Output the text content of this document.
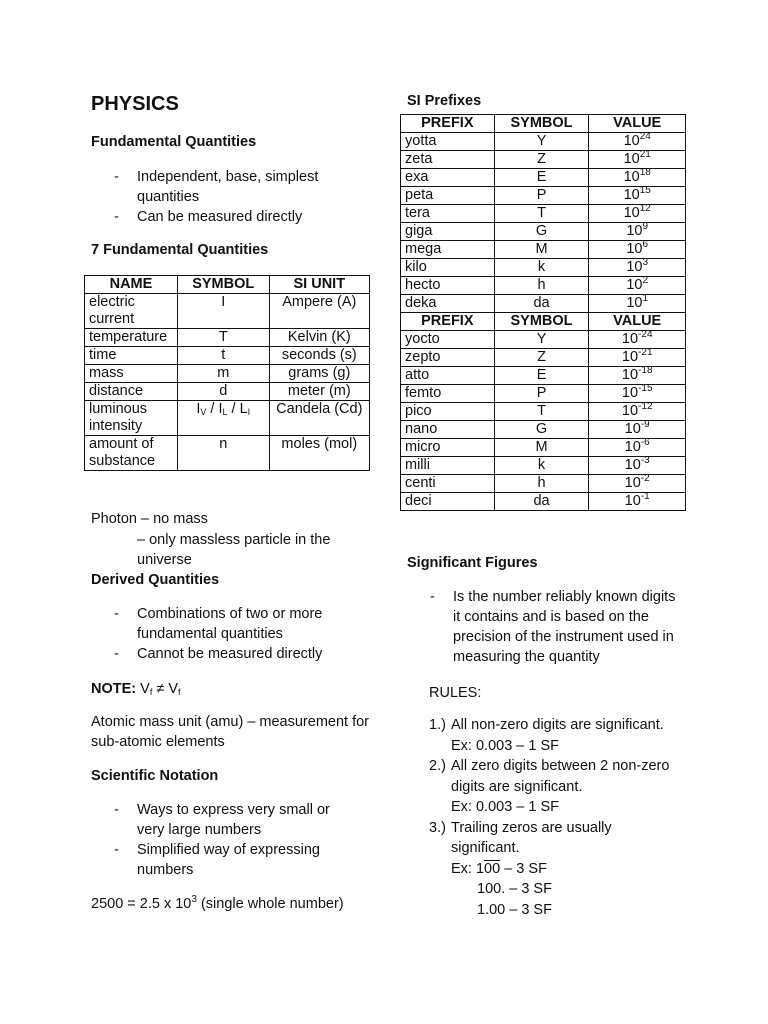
PHYSICS
Fundamental Quantities
- Independent, base, simplest quantities
- Can be measured directly
7 Fundamental Quantities
NAME	SYMBOL	SI UNIT
electric current	I	Ampere (A)
temperature	T	Kelvin (K)
time	t	seconds (s)
mass	m	grams (g)
distance	d	meter (m)
luminous intensity	$I_V / I_L / L_I$	Candela (Cd)
amount of substance	n	moles (mol)
Photon – no mass
– only massless particle in the
universe
Derived Quantities
- Combinations of two or more fundamental quantities
- Cannot be measured directly
NOTE: $V_f \ne V_f$
Atomic mass unit (amu) – measurement for sub-atomic elements
Scientific Notation
- Ways to express very small or very large numbers
- Simplified way of expressing numbers
2500 = 2.5 x $10^3$ (single whole number)
SI Prefixes
PREFIX	SYMBOL	VALUE
yotta	Y	$10^{24}$
zeta	Z	$10^{21}$
exa	E	$10^{18}$
peta	P	$10^{15}$
tera	T	$10^{12}$
giga	G	$10^9$
mega	M	$10^6$
kilo	k	$10^3$
hecto	h	$10^2$
deka	da	$10^1$
PREFIX	SYMBOL	VALUE
yocto	Y	$10^{-24}$
zepto	Z	$10^{-21}$
atto	E	$10^{-18}$
femto	P	$10^{-15}$
pico	T	$10^{-12}$
nano	G	$10^{-9}$
micro	M	$10^{-6}$
milli	k	$10^{-3}$
centi	h	$10^{-2}$
deci	da	$10^{-1}$
Significant Figures
- Is the number reliably known digits it contains and is based on the precision of the instrument used in measuring the quantity
RULES:
1.) All non-zero digits are significant.
Ex: 0.003 – 1 SF
2.) All zero digits between 2 non-zero digits are significant.
Ex: 0.003 – 1 SF
3.) Trailing zeros are usually significant.
Ex: 100 – 3 SF
100. – 3 SF
1.00 – 3 SF
